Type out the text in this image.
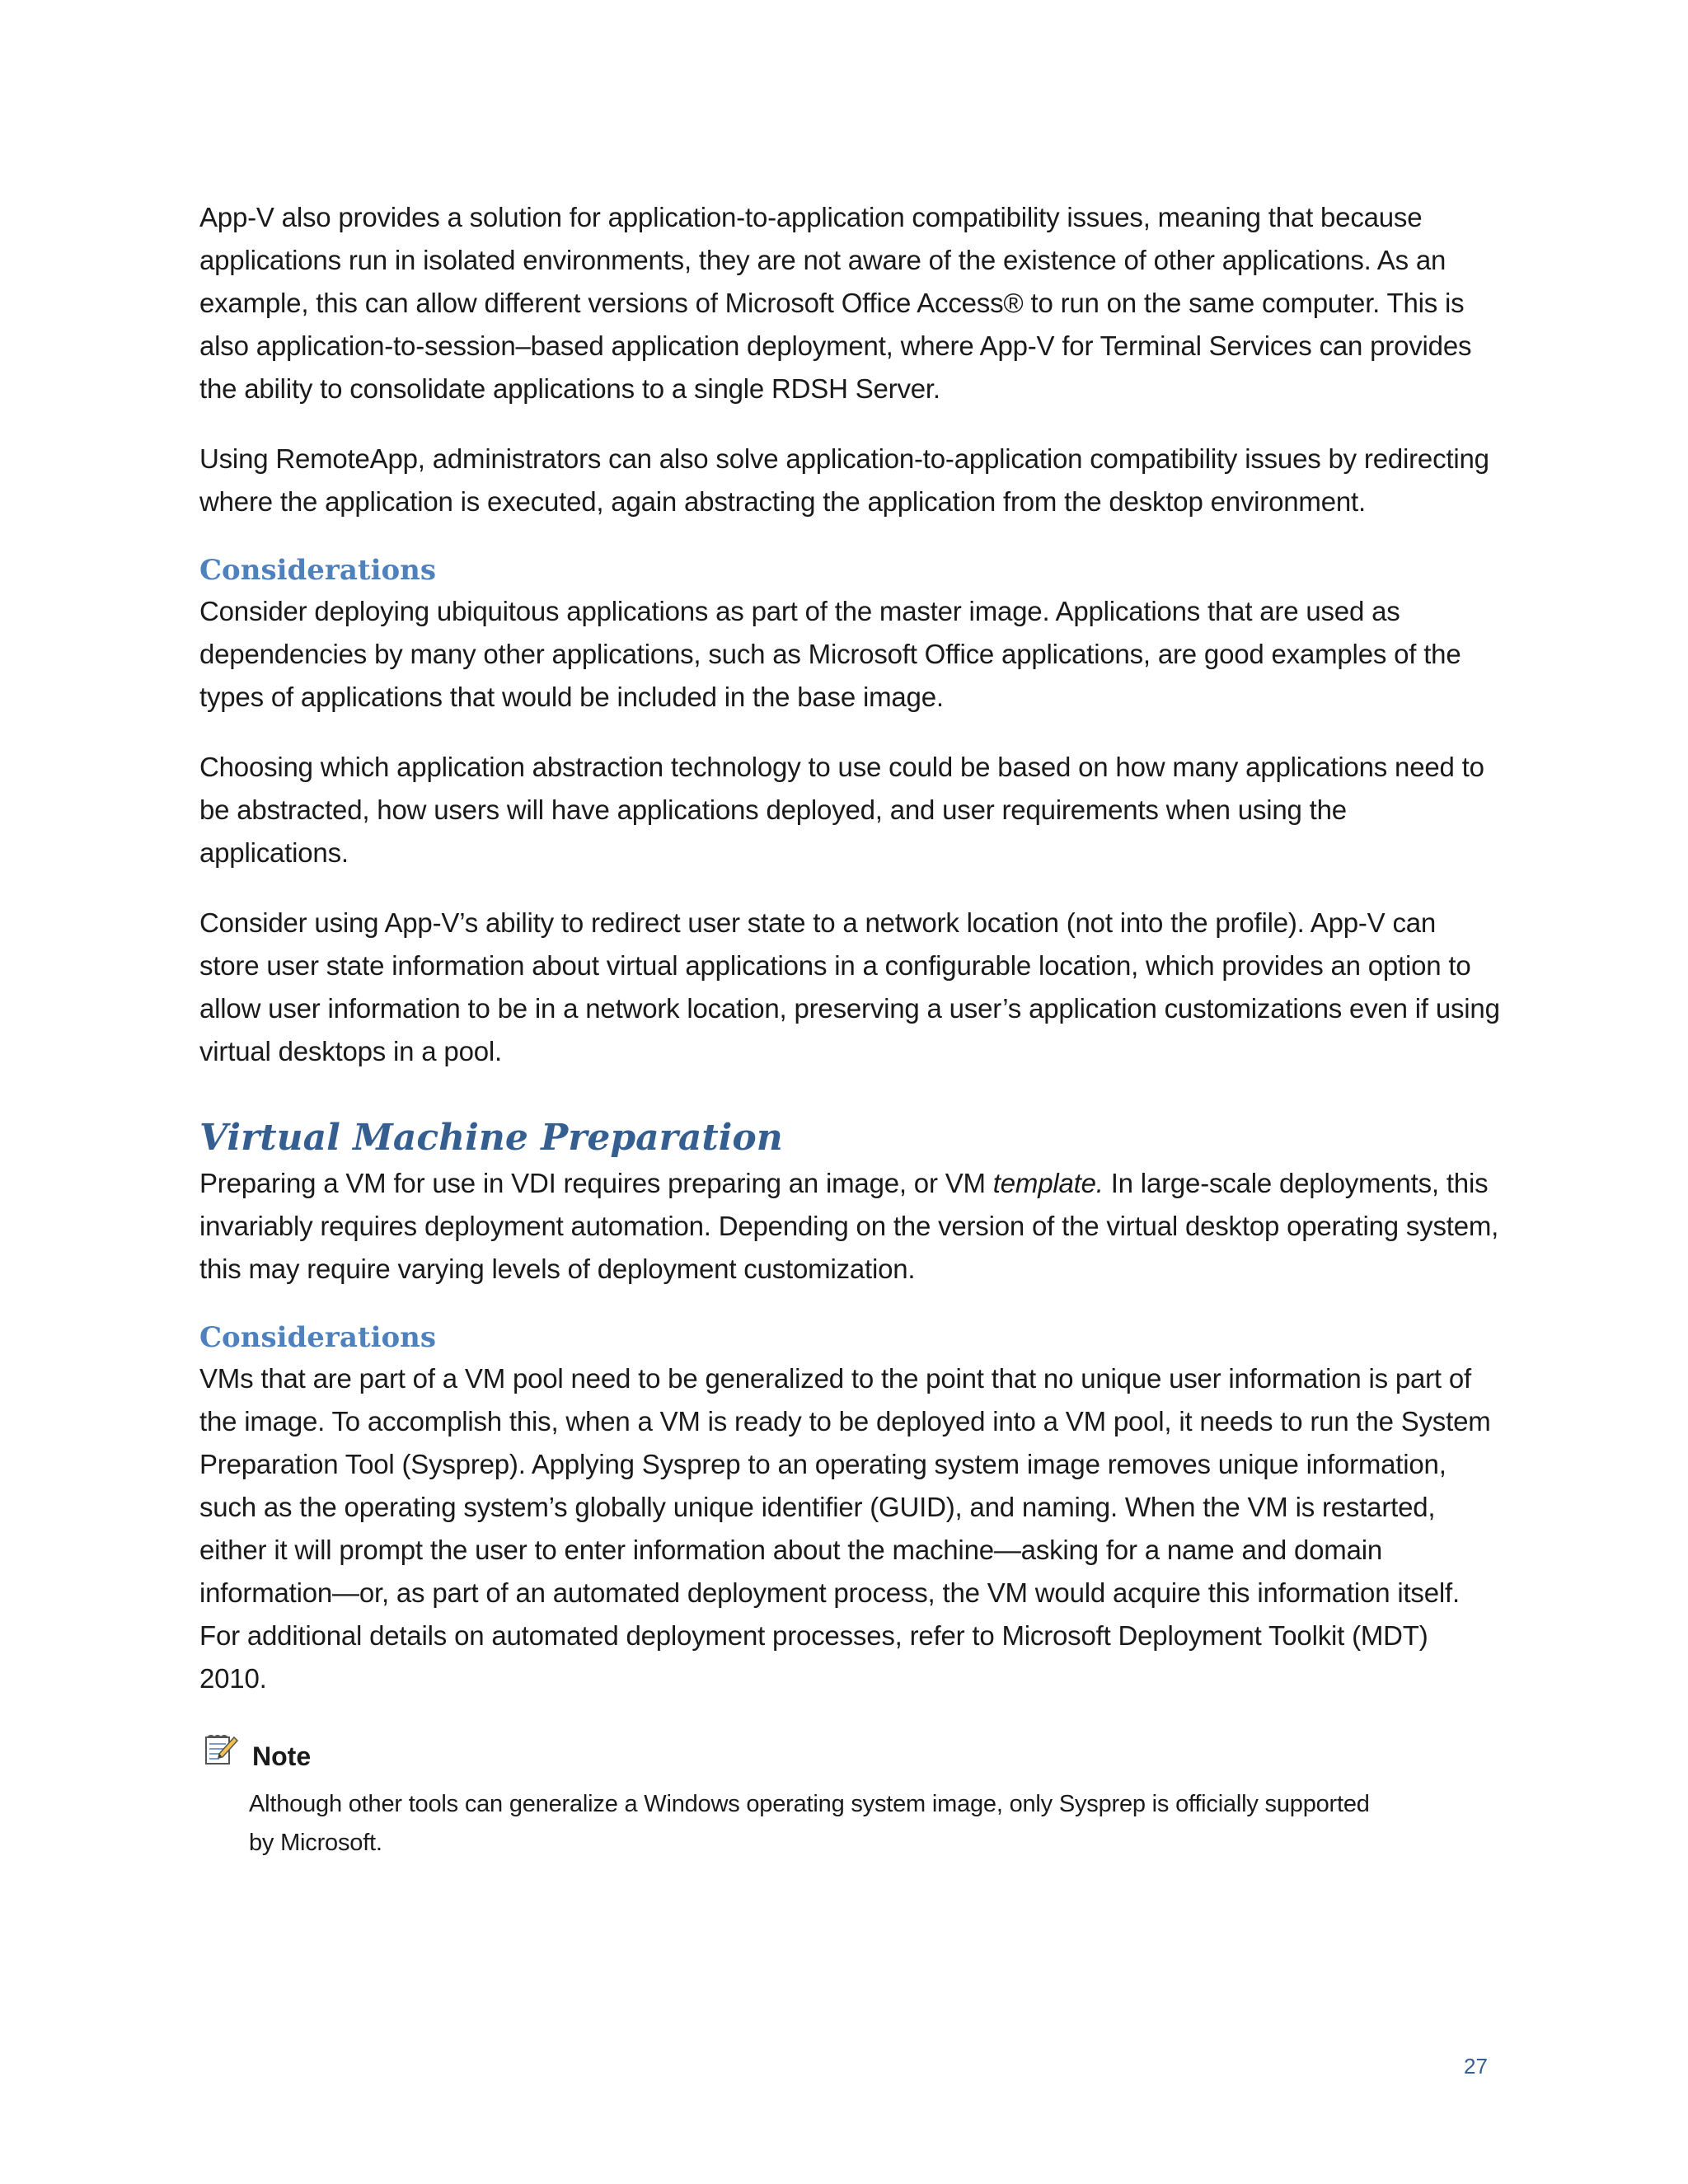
App-V also provides a solution for application-to-application compatibility issues, meaning that because applications run in isolated environments, they are not aware of the existence of other applications. As an example, this can allow different versions of Microsoft Office Access® to run on the same computer. This is also application-to-session–based application deployment, where App-V for Terminal Services can provides the ability to consolidate applications to a single RDSH Server.

Using RemoteApp, administrators can also solve application-to-application compatibility issues by redirecting where the application is executed, again abstracting the application from the desktop environment.

Considerations

Consider deploying ubiquitous applications as part of the master image. Applications that are used as dependencies by many other applications, such as Microsoft Office applications, are good examples of the types of applications that would be included in the base image.

Choosing which application abstraction technology to use could be based on how many applications need to be abstracted, how users will have applications deployed, and user requirements when using the applications.

Consider using App-V’s ability to redirect user state to a network location (not into the profile). App-V can store user state information about virtual applications in a configurable location, which provides an option to allow user information to be in a network location, preserving a user’s application customizations even if using virtual desktops in a pool.

Virtual Machine Preparation

Preparing a VM for use in VDI requires preparing an image, or VM template. In large-scale deployments, this invariably requires deployment automation. Depending on the version of the virtual desktop operating system, this may require varying levels of deployment customization.

Considerations

VMs that are part of a VM pool need to be generalized to the point that no unique user information is part of the image. To accomplish this, when a VM is ready to be deployed into a VM pool, it needs to run the System Preparation Tool (Sysprep). Applying Sysprep to an operating system image removes unique information, such as the operating system’s globally unique identifier (GUID), and naming. When the VM is restarted, either it will prompt the user to enter information about the machine—asking for a name and domain information—or, as part of an automated deployment process, the VM would acquire this information itself. For additional details on automated deployment processes, refer to Microsoft Deployment Toolkit (MDT) 2010.

Note
Although other tools can generalize a Windows operating system image, only Sysprep is officially supported by Microsoft.
27
